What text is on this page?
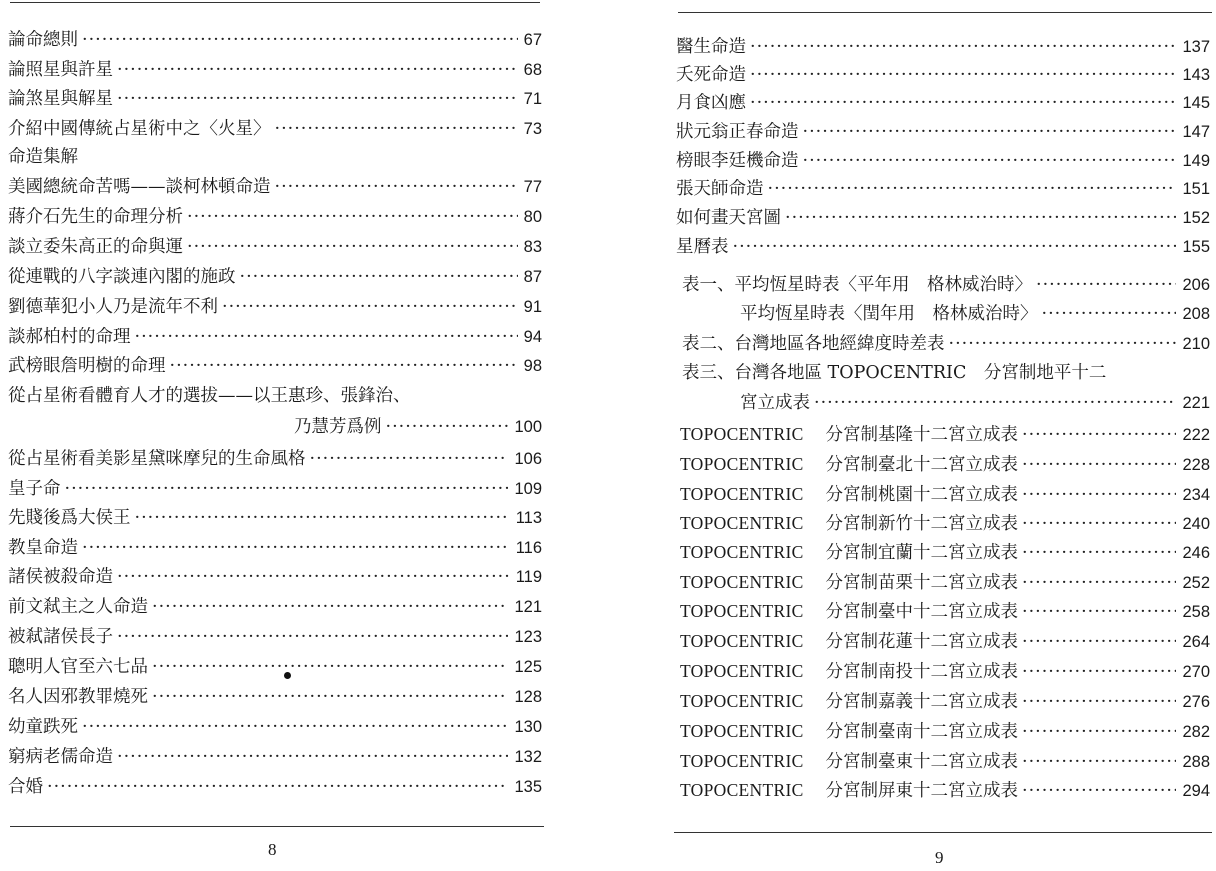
論命總則 ·····	67
論照星與許星 ·····	68
論煞星與解星 ·····	71
介紹中國傳統占星術中之〈火星〉 ·····	73
命造集解
美國總統命苦嗎——談柯林頓命造 ·····	77
蔣介石先生的命理分析 ·····	80
談立委朱高正的命與運 ·····	83
從連戰的八字談連內閣的施政 ·····	87
劉德華犯小人乃是流年不利 ·····	91
談郝柏村的命理 ·····	94
武榜眼詹明樹的命理 ·····	98
從占星術看體育人才的選拔——以王惠珍、張鋒治、
乃慧芳爲例 ·····	100
從占星術看美影星黛咪摩兒的生命風格 ·····	106
皇子命 ·····	109
先賤後爲大侯王 ·····	113
教皇命造 ·····	116
諸侯被殺命造 ·····	119
前文弒主之人命造 ·····	121
被弒諸侯長子 ·····	123
聰明人官至六七品 ·····	125
名人因邪教罪燒死 ·····	128
幼童跌死 ·····	130
窮病老儒命造 ·····	132
合婚 ·····	135
8
醫生命造 ·····	137
夭死命造 ·····	143
月食凶應 ·····	145
狀元翁正春命造 ·····	147
榜眼李廷機命造 ·····	149
張天師命造 ·····	151
如何畫天宮圖 ·····	152
星曆表 ·····	155
表一、平均恆星時表〈平年用　格林威治時〉 ·····	206
平均恆星時表〈閏年用　格林威治時〉 ·····	208
表二、台灣地區各地經緯度時差表 ·····	210
表三、台灣各地區 TOPOCENTRIC　分宮制地平十二
宮立成表 ·····	221
TOPOCENTRIC 分宮制基隆十二宮立成表 ·····	222
TOPOCENTRIC 分宮制臺北十二宮立成表 ·····	228
TOPOCENTRIC 分宮制桃園十二宮立成表 ·····	234
TOPOCENTRIC 分宮制新竹十二宮立成表 ·····	240
TOPOCENTRIC 分宮制宜蘭十二宮立成表 ·····	246
TOPOCENTRIC 分宮制苗栗十二宮立成表 ·····	252
TOPOCENTRIC 分宮制臺中十二宮立成表 ·····	258
TOPOCENTRIC 分宮制花蓮十二宮立成表 ·····	264
TOPOCENTRIC 分宮制南投十二宮立成表 ·····	270
TOPOCENTRIC 分宮制嘉義十二宮立成表 ·····	276
TOPOCENTRIC 分宮制臺南十二宮立成表 ·····	282
TOPOCENTRIC 分宮制臺東十二宮立成表 ·····	288
TOPOCENTRIC 分宮制屏東十二宮立成表 ·····	294
9
